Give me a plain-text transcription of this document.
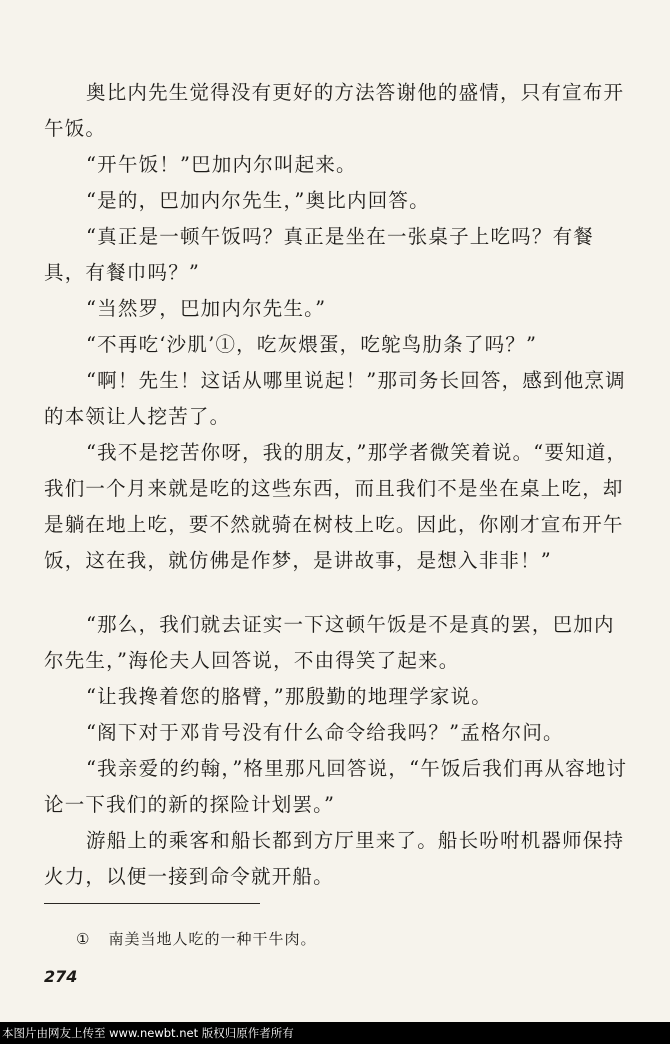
奥比内先生觉得没有更好的方法答谢他的盛情，只有宣布开午饭。
“开午饭！”巴加内尔叫起来。
“是的，巴加内尔先生，”奥比内回答。
“真正是一顿午饭吗？真正是坐在一张桌子上吃吗？有餐具，有餐巾吗？”
“当然罗，巴加内尔先生。”
“不再吃‘沙肌’①，吃灰煨蛋，吃鸵鸟肋条了吗？”
“啊！先生！这话从哪里说起！”那司务长回答，感到他烹调的本领让人挖苦了。
“我不是挖苦你呀，我的朋友，”那学者微笑着说。“要知道，我们一个月来就是吃的这些东西，而且我们不是坐在桌上吃，却是躺在地上吃，要不然就骑在树枝上吃。因此，你刚才宣布开午饭，这在我，就仿佛是作梦，是讲故事，是想入非非！”
“那么，我们就去证实一下这顿午饭是不是真的罢，巴加内尔先生，”海伦夫人回答说，不由得笑了起来。
“让我搀着您的胳臂，”那殷勤的地理学家说。
“阁下对于邓肯号没有什么命令给我吗？”孟格尔问。
“我亲爱的约翰，”格里那凡回答说，“午饭后我们再从容地讨论一下我们的新的探险计划罢。”
游船上的乘客和船长都到方厅里来了。船长吩咐机器师保持火力，以便一接到命令就开船。
① 南美当地人吃的一种干牛肉。
274
本图片由网友上传至 www.newbt.net 版权归原作者所有
